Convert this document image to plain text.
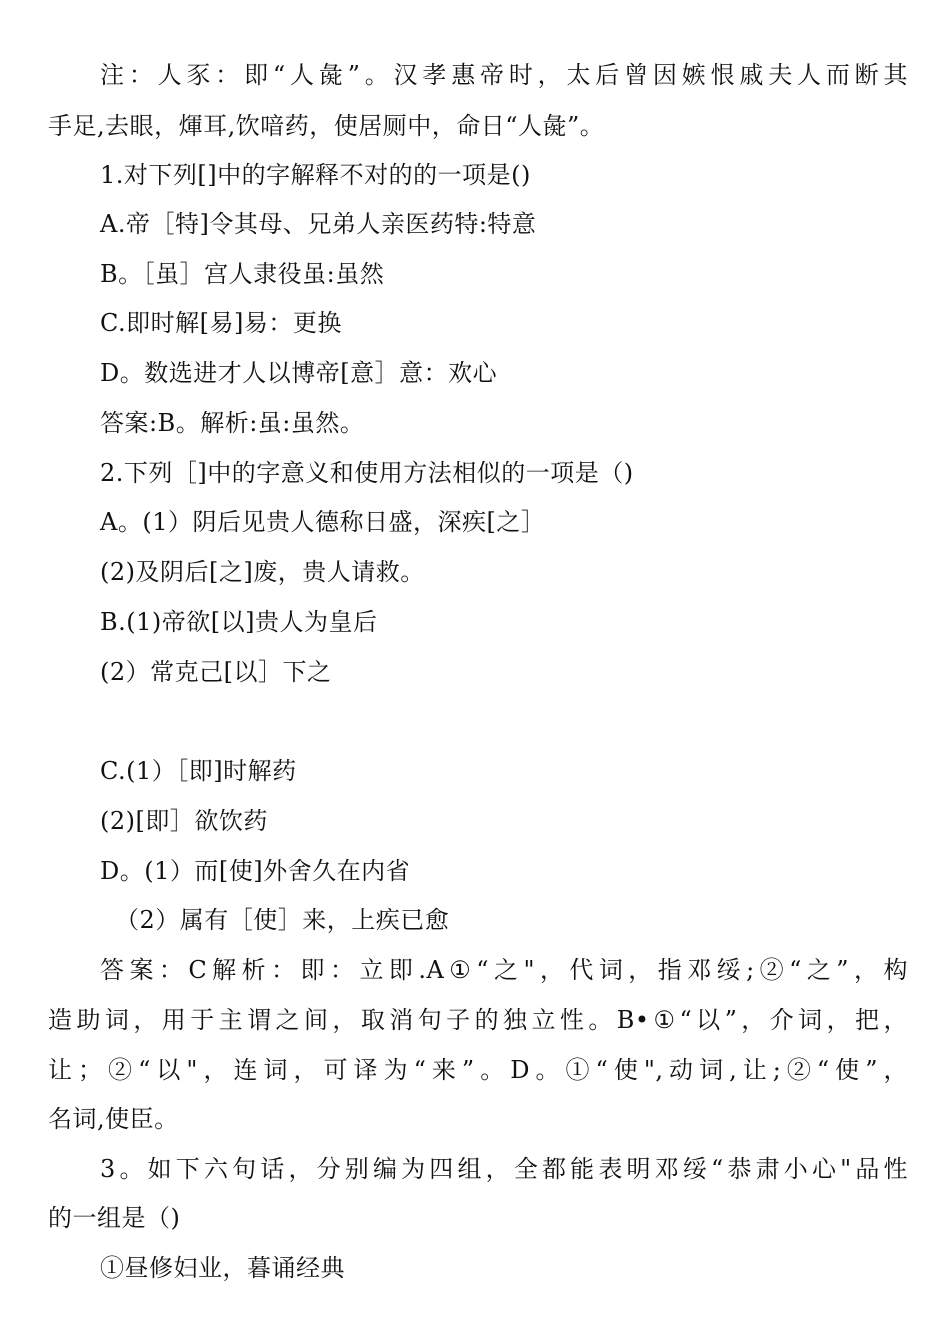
注：人豕：即“人彘”。汉孝惠帝时，太后曾因嫉恨戚夫人而断其
手足,去眼，煇耳,饮喑药，使居厕中，命日“人彘”。
1.对下列[]中的字解释不对的的一项是()
A.帝［特]令其母、兄弟人亲医药特:特意
B。［虽］宫人隶役虽:虽然
C.即时解[易]易：更换
D。数选进才人以博帝[意］意：欢心
答案:B。解析:虽:虽然。
2.下列［]中的字意义和使用方法相似的一项是（)
A。(1）阴后见贵人德称日盛，深疾[之］
(2)及阴后[之]废，贵人请救。
B.(1)帝欲[以]贵人为皇后
(2）常克己[以］下之
C.(1）［即]时解药
(2)[即］欲饮药
D。(1）而[使]外舍久在内省
（2）属有［使］来，上疾已愈
答案：C解析：即：立即.A①“之"，代词，指邓绥;②“之”，构
造助词，用于主谓之间，取消句子的独立性。B•①“以”，介词，把，
让；②“以"，连词，可译为“来”。D。①“使",动词,让;②“使”，
名词,使臣。
3。如下六句话，分别编为四组，全都能表明邓绥“恭肃小心"品性
的一组是（)
①昼修妇业，暮诵经典
